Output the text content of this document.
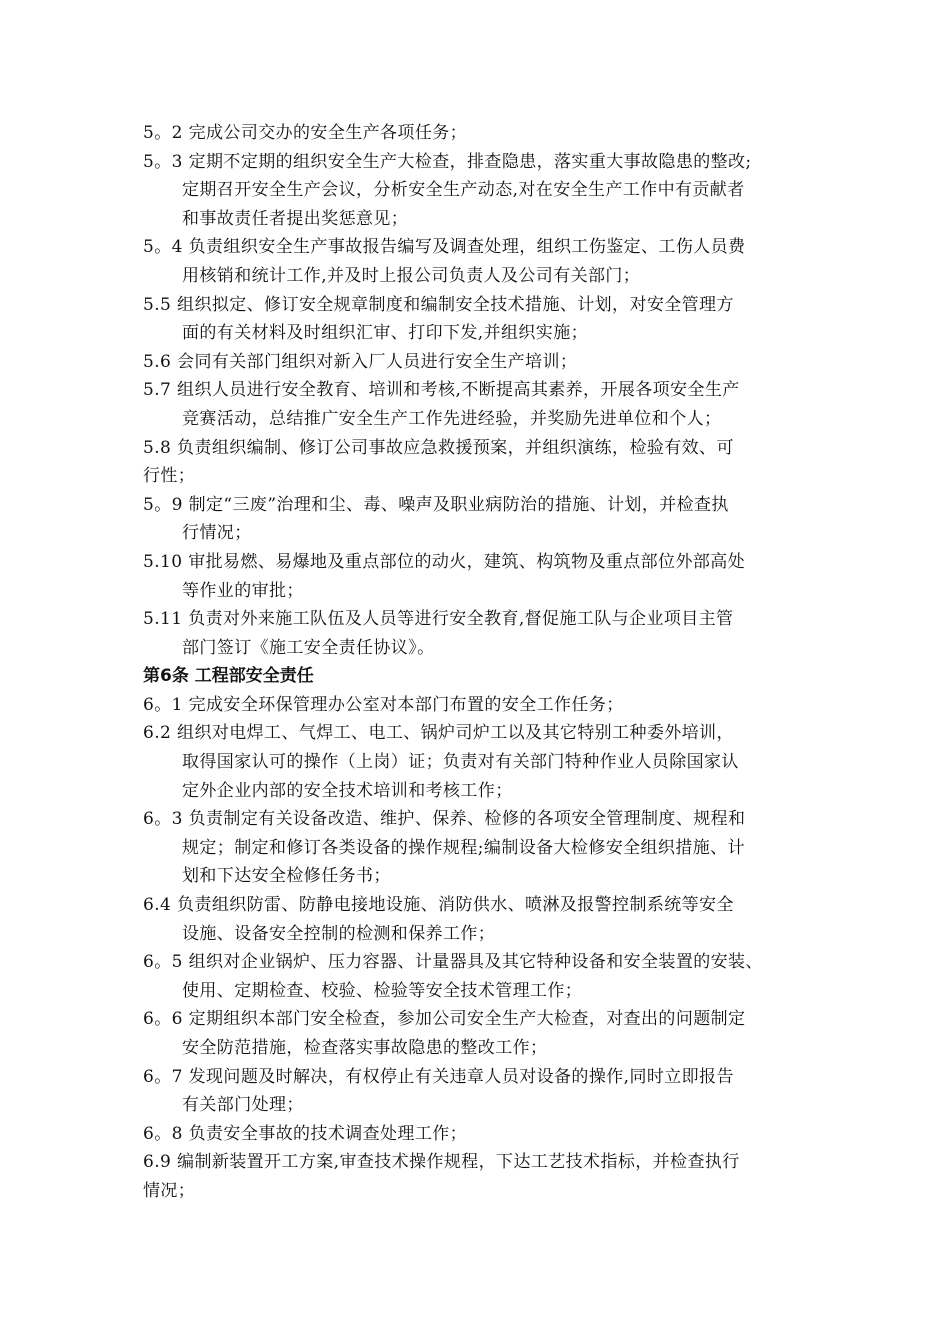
5。2 完成公司交办的安全生产各项任务；
5。3 定期不定期的组织安全生产大检查，排查隐患，落实重大事故隐患的整改;
定期召开安全生产会议，分析安全生产动态,对在安全生产工作中有贡献者
和事故责任者提出奖惩意见；
5。4 负责组织安全生产事故报告编写及调查处理，组织工伤鉴定、工伤人员费
用核销和统计工作,并及时上报公司负责人及公司有关部门；
5.5 组织拟定、修订安全规章制度和编制安全技术措施、计划，对安全管理方
面的有关材料及时组织汇审、打印下发,并组织实施；
5.6 会同有关部门组织对新入厂人员进行安全生产培训；
5.7 组织人员进行安全教育、培训和考核,不断提高其素养，开展各项安全生产
竞赛活动，总结推广安全生产工作先进经验，并奖励先进单位和个人；
5.8 负责组织编制、修订公司事故应急救援预案，并组织演练，检验有效、可
行性；
5。9 制定“三废”治理和尘、毒、噪声及职业病防治的措施、计划，并检查执
行情况；
5.10 审批易燃、易爆地及重点部位的动火，建筑、构筑物及重点部位外部高处
等作业的审批；
5.11 负责对外来施工队伍及人员等进行安全教育,督促施工队与企业项目主管
部门签订《施工安全责任协议》。
第6条 工程部安全责任
6。1 完成安全环保管理办公室对本部门布置的安全工作任务；
6.2 组织对电焊工、气焊工、电工、锅炉司炉工以及其它特别工种委外培训，
取得国家认可的操作（上岗）证；负责对有关部门特种作业人员除国家认
定外企业内部的安全技术培训和考核工作；
6。3 负责制定有关设备改造、维护、保养、检修的各项安全管理制度、规程和
规定；制定和修订各类设备的操作规程;编制设备大检修安全组织措施、计
划和下达安全检修任务书；
6.4 负责组织防雷、防静电接地设施、消防供水、喷淋及报警控制系统等安全
设施、设备安全控制的检测和保养工作；
6。5 组织对企业锅炉、压力容器、计量器具及其它特种设备和安全装置的安装、
使用、定期检查、校验、检验等安全技术管理工作；
6。6 定期组织本部门安全检查，参加公司安全生产大检查，对查出的问题制定
安全防范措施，检查落实事故隐患的整改工作；
6。7 发现问题及时解决，有权停止有关违章人员对设备的操作,同时立即报告
有关部门处理；
6。8 负责安全事故的技术调查处理工作；
6.9 编制新装置开工方案,审查技术操作规程，下达工艺技术指标，并检查执行
情况；
